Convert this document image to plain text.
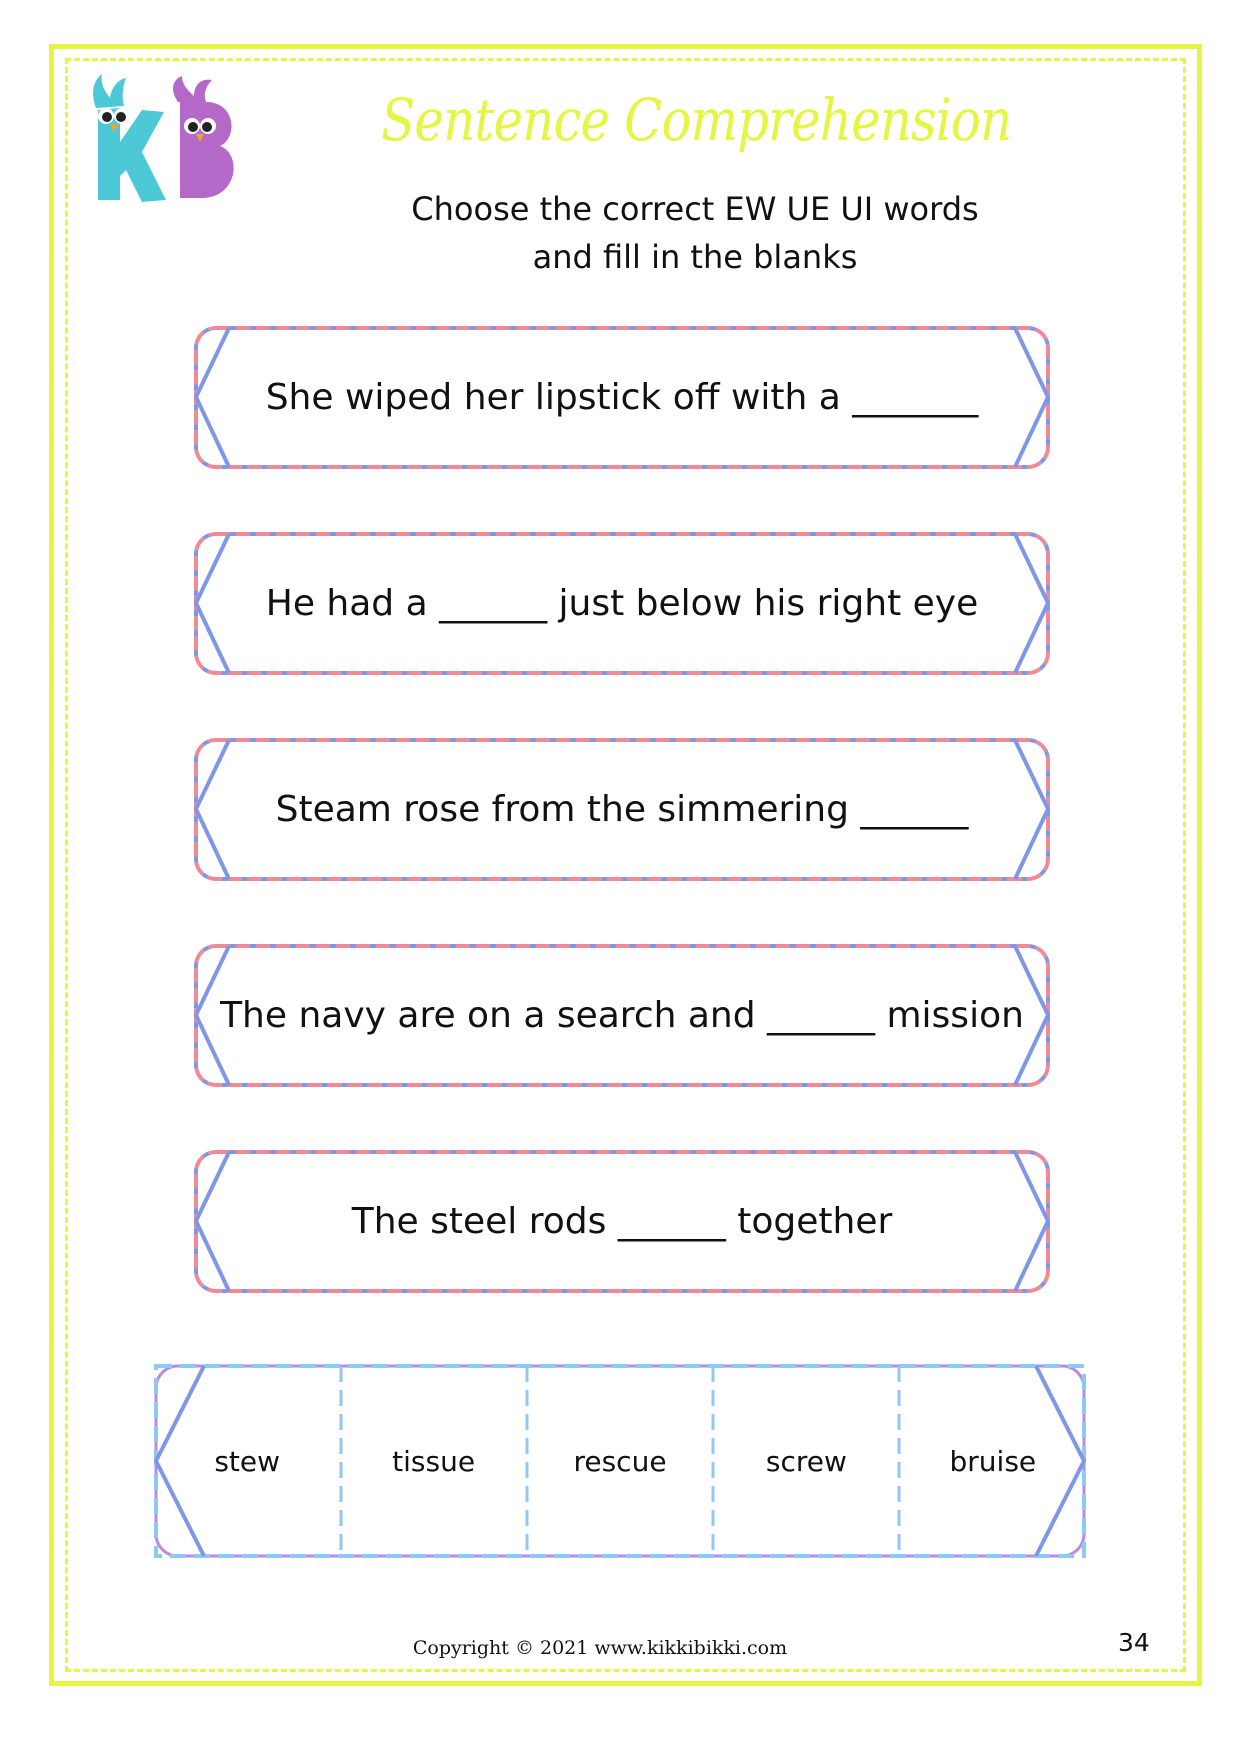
KB
Sentence Comprehension
Choose the correct EW UE UI words
and fill in the blanks
She wiped her lipstick off with a _______
He had a ______ just below his right eye
Steam rose from the simmering ______
The navy are on a search and ______ mission
The steel rods ______ together
stew	tissue	rescue	screw	bruise
Copyright © 2021 www.kikkibikki.com	34
